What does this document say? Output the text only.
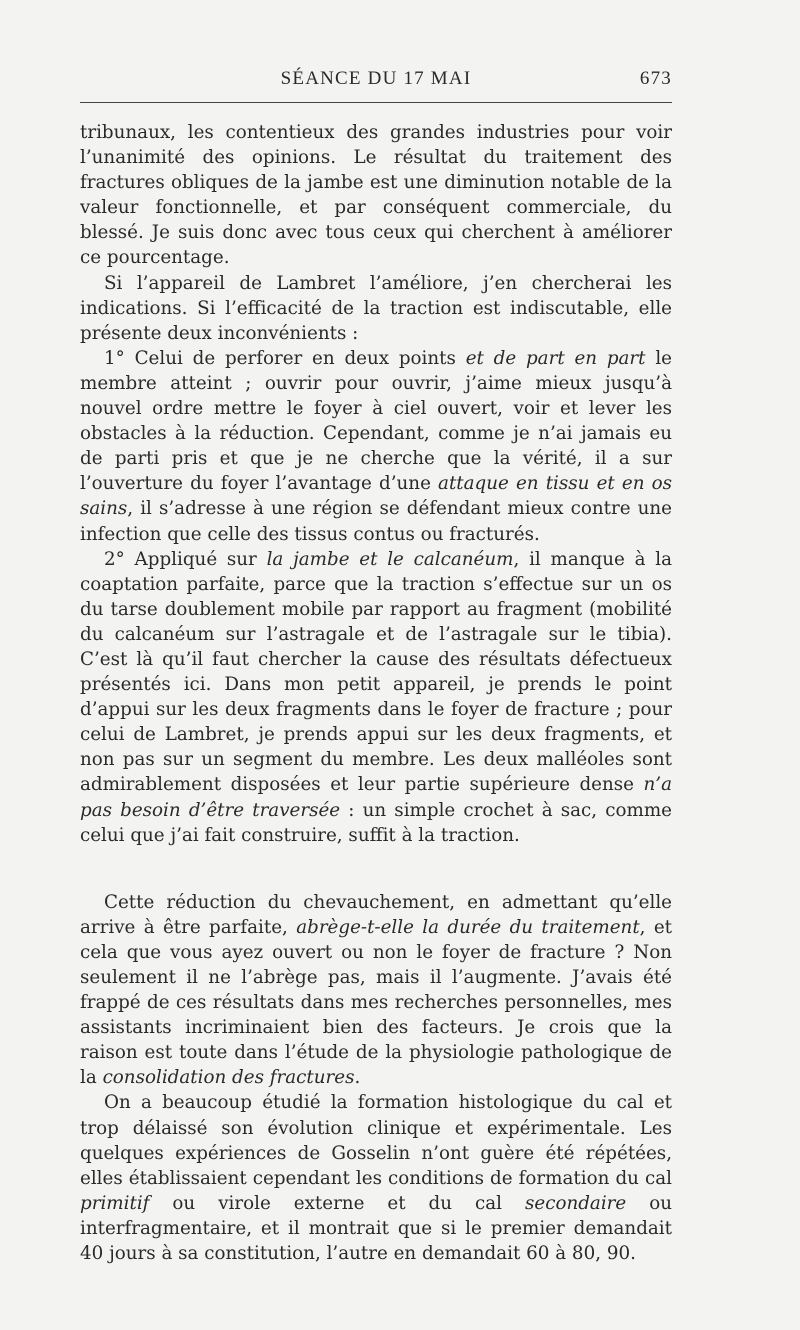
SÉANCE DU 17 MAI	673

tribunaux, les contentieux des grandes industries pour voir l’unanimité des opinions. Le résultat du traitement des fractures obliques de la jambe est une diminution notable de la valeur fonctionnelle, et par conséquent commerciale, du blessé. Je suis donc avec tous ceux qui cherchent à améliorer ce pourcentage.

Si l’appareil de Lambret l’améliore, j’en chercherai les indications. Si l’efficacité de la traction est indiscutable, elle présente deux inconvénients :

1° Celui de perforer en deux points et de part en part le membre atteint ; ouvrir pour ouvrir, j’aime mieux jusqu’à nouvel ordre mettre le foyer à ciel ouvert, voir et lever les obstacles à la réduction. Cependant, comme je n’ai jamais eu de parti pris et que je ne cherche que la vérité, il a sur l’ouverture du foyer l’avantage d’une attaque en tissu et en os sains, il s’adresse à une région se défendant mieux contre une infection que celle des tissus contus ou fracturés.

2° Appliqué sur la jambe et le calcanéum, il manque à la coaptation parfaite, parce que la traction s’effectue sur un os du tarse doublement mobile par rapport au fragment (mobilité du calcanéum sur l’astragale et de l’astragale sur le tibia). C’est là qu’il faut chercher la cause des résultats défectueux présentés ici. Dans mon petit appareil, je prends le point d’appui sur les deux fragments dans le foyer de fracture ; pour celui de Lambret, je prends appui sur les deux fragments, et non pas sur un segment du membre. Les deux malléoles sont admirablement disposées et leur partie supérieure dense n’a pas besoin d’être traversée : un simple crochet à sac, comme celui que j’ai fait construire, suffit à la traction.

Cette réduction du chevauchement, en admettant qu’elle arrive à être parfaite, abrège-t-elle la durée du traitement, et cela que vous ayez ouvert ou non le foyer de fracture ? Non seulement il ne l’abrège pas, mais il l’augmente. J’avais été frappé de ces résultats dans mes recherches personnelles, mes assistants incriminaient bien des facteurs. Je crois que la raison est toute dans l’étude de la physiologie pathologique de la consolidation des fractures.

On a beaucoup étudié la formation histologique du cal et trop délaissé son évolution clinique et expérimentale. Les quelques expériences de Gosselin n’ont guère été répétées, elles établissaient cependant les conditions de formation du cal primitif ou virole externe et du cal secondaire ou interfragmentaire, et il montrait que si le premier demandait 40 jours à sa constitution, l’autre en demandait 60 à 80, 90.
